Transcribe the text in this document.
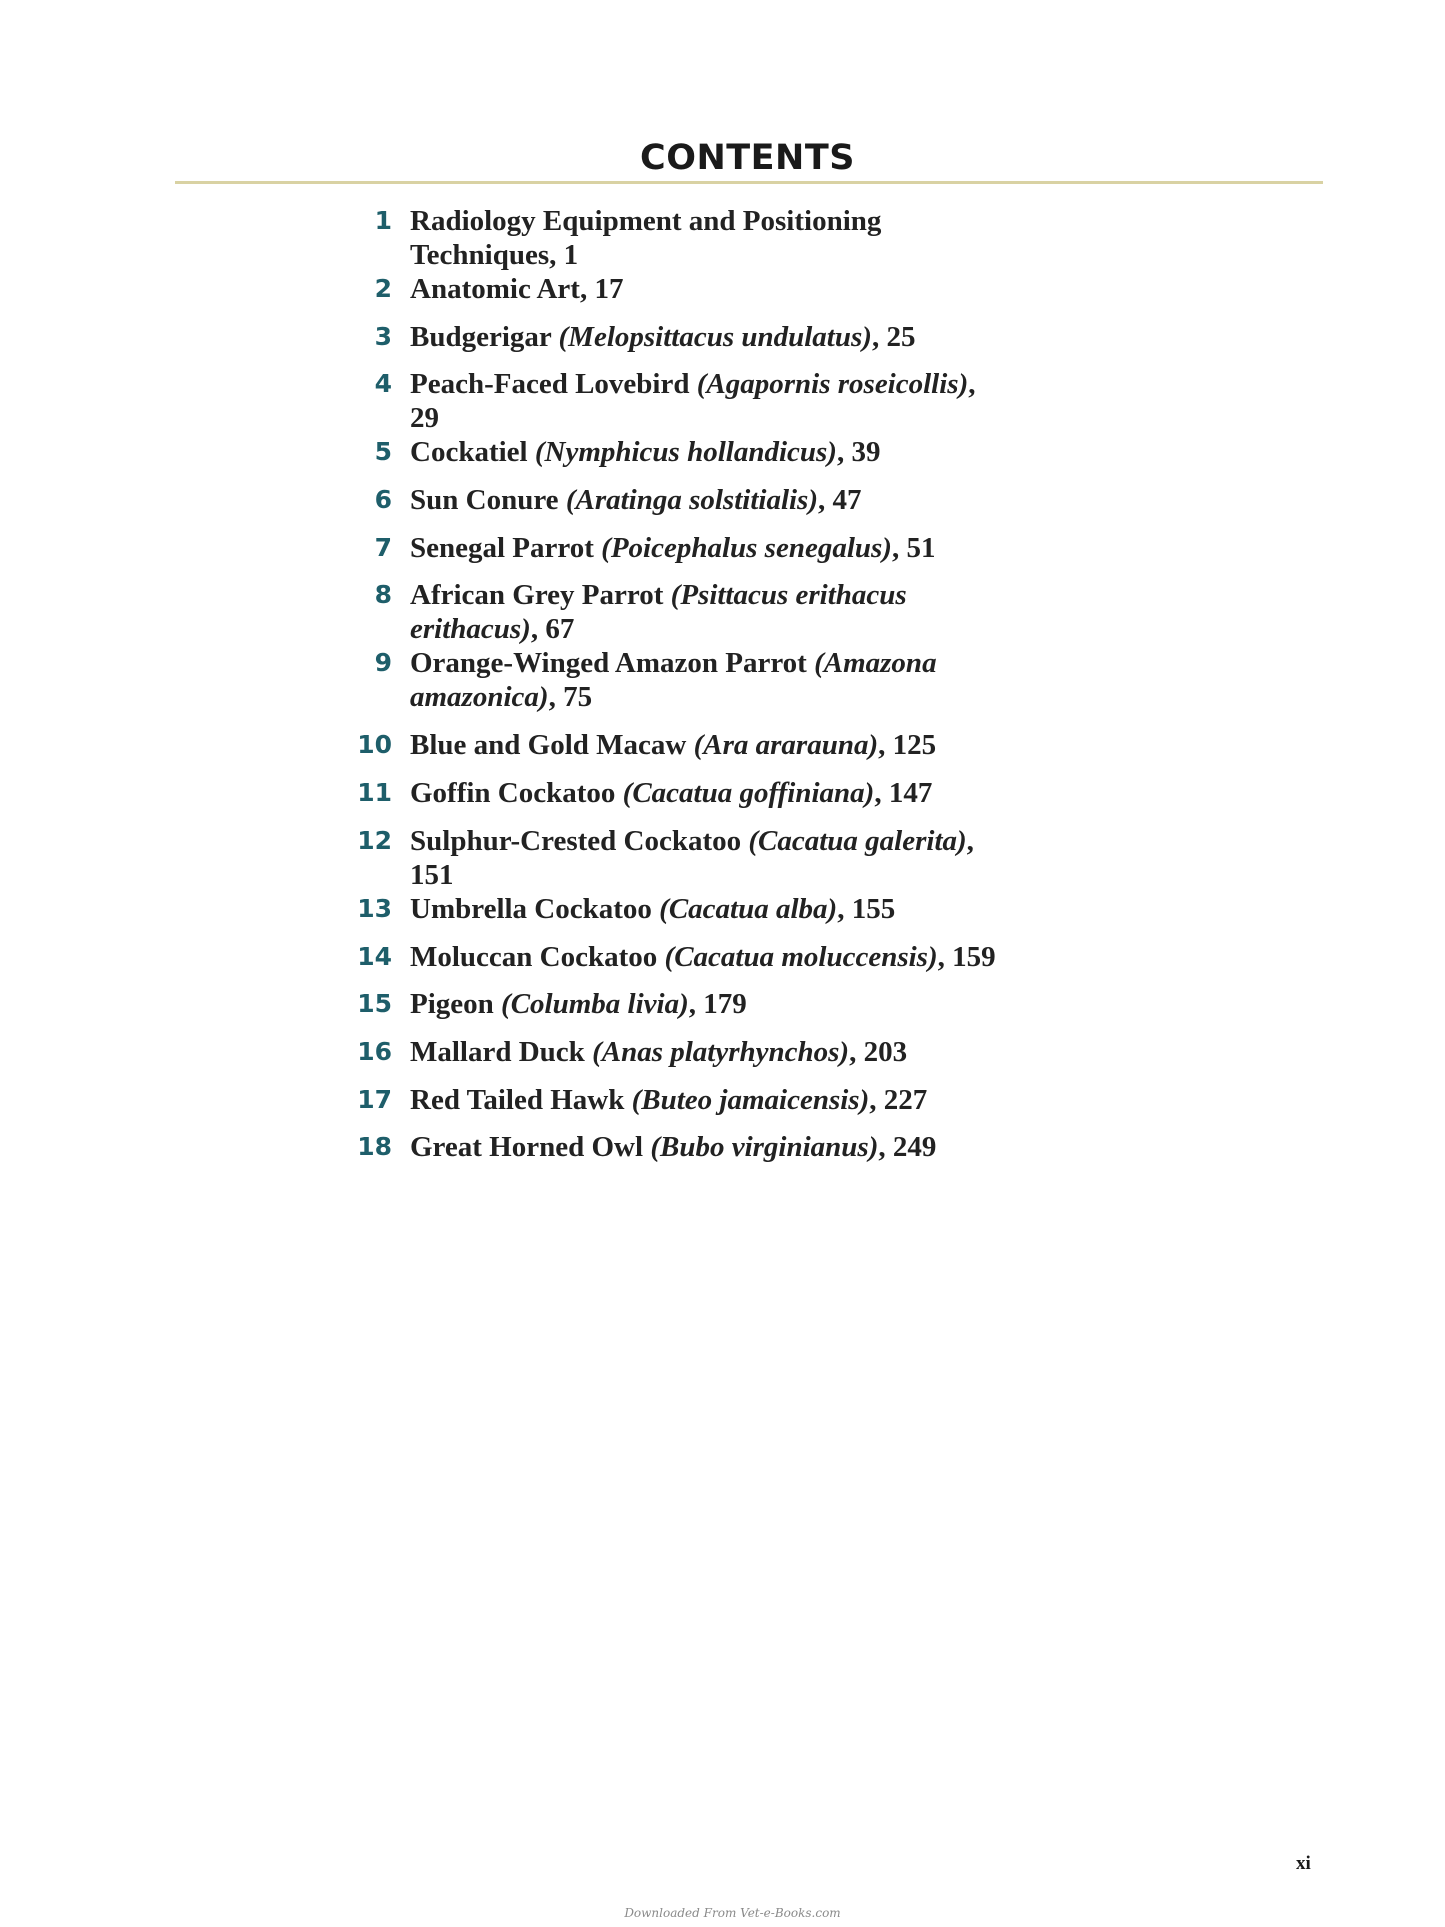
CONTENTS
1 Radiology Equipment and Positioning Techniques, 1
2 Anatomic Art, 17
3 Budgerigar (Melopsittacus undulatus), 25
4 Peach-Faced Lovebird (Agapornis roseicollis), 29
5 Cockatiel (Nymphicus hollandicus), 39
6 Sun Conure (Aratinga solstitialis), 47
7 Senegal Parrot (Poicephalus senegalus), 51
8 African Grey Parrot (Psittacus erithacus erithacus), 67
9 Orange-Winged Amazon Parrot (Amazona amazonica), 75
10 Blue and Gold Macaw (Ara ararauna), 125
11 Goffin Cockatoo (Cacatua goffiniana), 147
12 Sulphur-Crested Cockatoo (Cacatua galerita), 151
13 Umbrella Cockatoo (Cacatua alba), 155
14 Moluccan Cockatoo (Cacatua moluccensis), 159
15 Pigeon (Columba livia), 179
16 Mallard Duck (Anas platyrhynchos), 203
17 Red Tailed Hawk (Buteo jamaicensis), 227
18 Great Horned Owl (Bubo virginianus), 249
xi
Downloaded From Vet-e-Books.com
